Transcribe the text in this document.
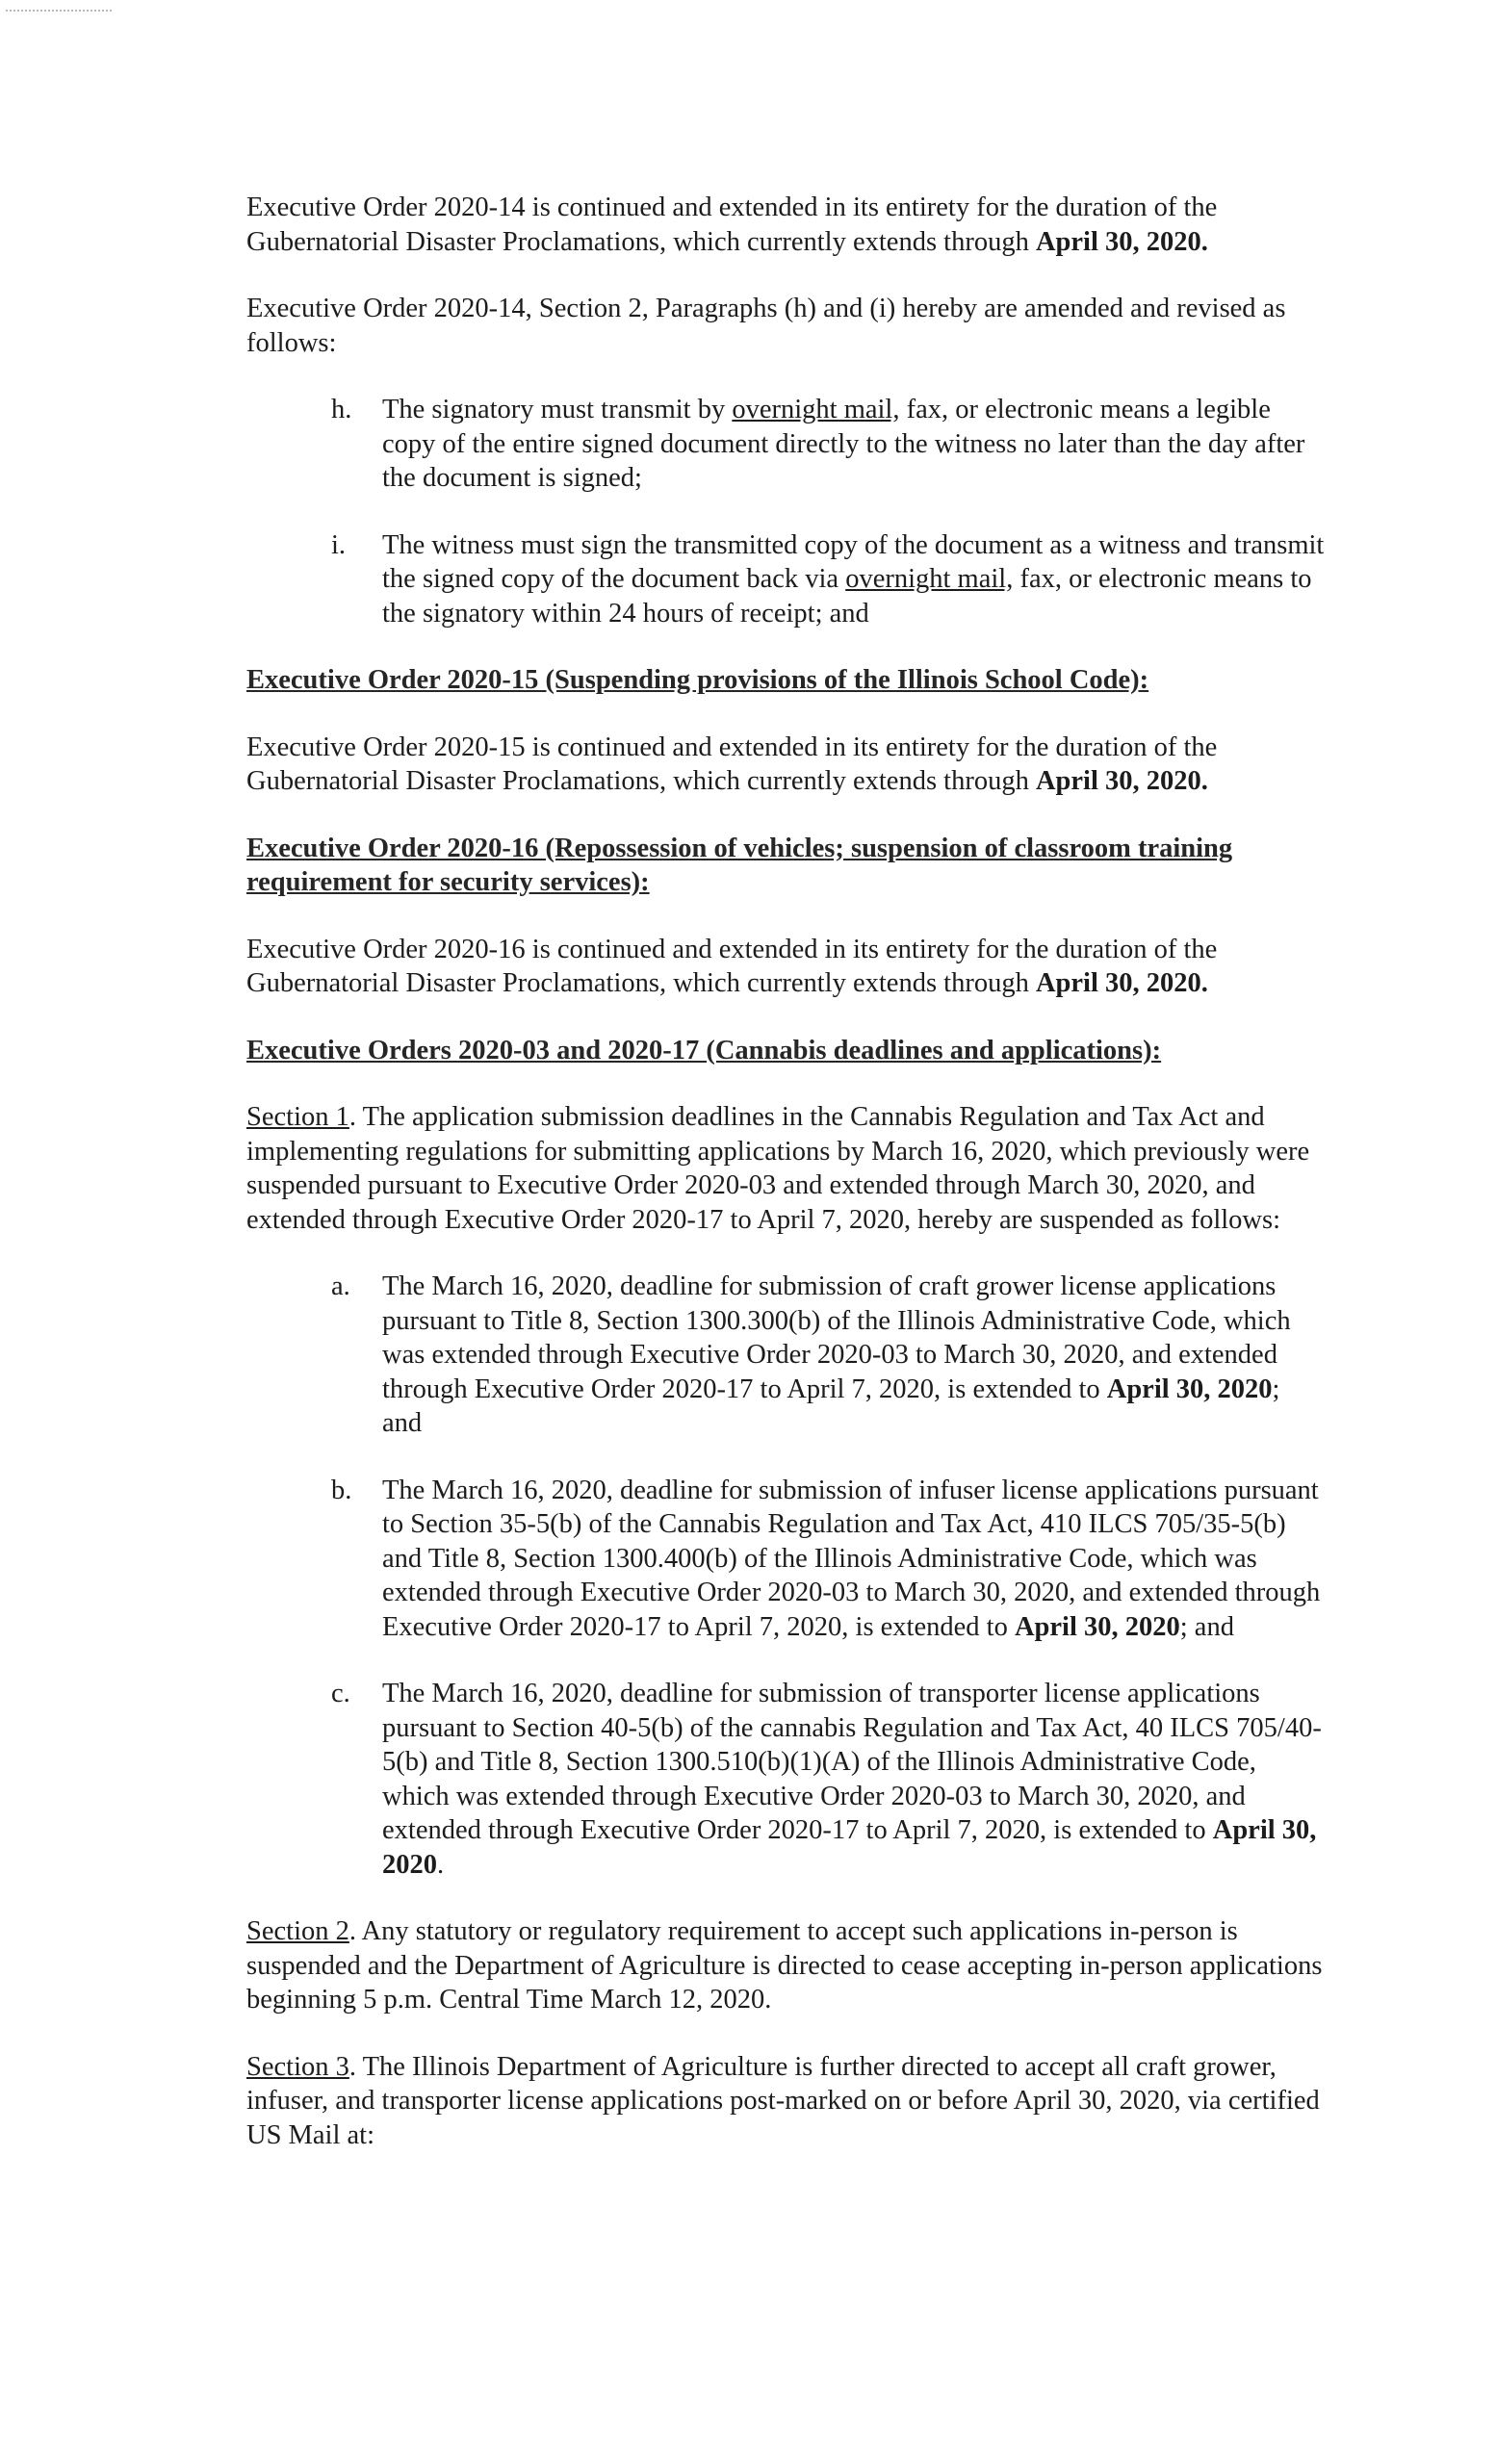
Executive Order 2020-14 is continued and extended in its entirety for the duration of the Gubernatorial Disaster Proclamations, which currently extends through April 30, 2020.

Executive Order 2020-14, Section 2, Paragraphs (h) and (i) hereby are amended and revised as follows:

h. The signatory must transmit by overnight mail, fax, or electronic means a legible copy of the entire signed document directly to the witness no later than the day after the document is signed;
i. The witness must sign the transmitted copy of the document as a witness and transmit the signed copy of the document back via overnight mail, fax, or electronic means to the signatory within 24 hours of receipt; and

Executive Order 2020-15 (Suspending provisions of the Illinois School Code):

Executive Order 2020-15 is continued and extended in its entirety for the duration of the Gubernatorial Disaster Proclamations, which currently extends through April 30, 2020.

Executive Order 2020-16 (Repossession of vehicles; suspension of classroom training requirement for security services):

Executive Order 2020-16 is continued and extended in its entirety for the duration of the Gubernatorial Disaster Proclamations, which currently extends through April 30, 2020.

Executive Orders 2020-03 and 2020-17 (Cannabis deadlines and applications):

Section 1. The application submission deadlines in the Cannabis Regulation and Tax Act and implementing regulations for submitting applications by March 16, 2020, which previously were suspended pursuant to Executive Order 2020-03 and extended through March 30, 2020, and extended through Executive Order 2020-17 to April 7, 2020, hereby are suspended as follows:

a. The March 16, 2020, deadline for submission of craft grower license applications pursuant to Title 8, Section 1300.300(b) of the Illinois Administrative Code, which was extended through Executive Order 2020-03 to March 30, 2020, and extended through Executive Order 2020-17 to April 7, 2020, is extended to April 30, 2020; and
b. The March 16, 2020, deadline for submission of infuser license applications pursuant to Section 35-5(b) of the Cannabis Regulation and Tax Act, 410 ILCS 705/35-5(b) and Title 8, Section 1300.400(b) of the Illinois Administrative Code, which was extended through Executive Order 2020-03 to March 30, 2020, and extended through Executive Order 2020-17 to April 7, 2020, is extended to April 30, 2020; and
c. The March 16, 2020, deadline for submission of transporter license applications pursuant to Section 40-5(b) of the cannabis Regulation and Tax Act, 40 ILCS 705/40-5(b) and Title 8, Section 1300.510(b)(1)(A) of the Illinois Administrative Code, which was extended through Executive Order 2020-03 to March 30, 2020, and extended through Executive Order 2020-17 to April 7, 2020, is extended to April 30, 2020.

Section 2. Any statutory or regulatory requirement to accept such applications in-person is suspended and the Department of Agriculture is directed to cease accepting in-person applications beginning 5 p.m. Central Time March 12, 2020.

Section 3. The Illinois Department of Agriculture is further directed to accept all craft grower, infuser, and transporter license applications post-marked on or before April 30, 2020, via certified US Mail at:
